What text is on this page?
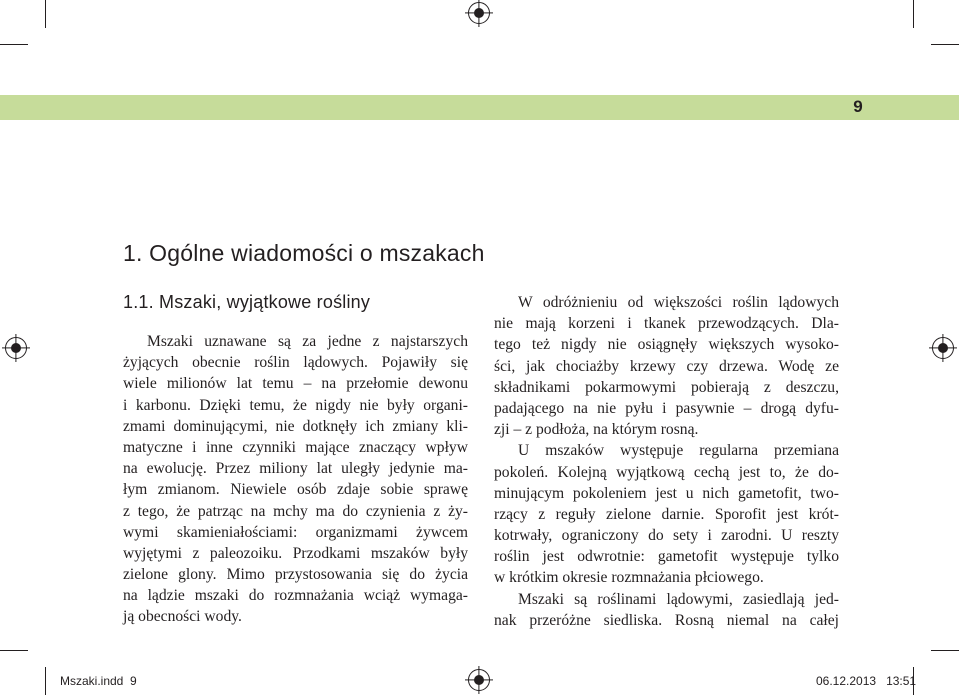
9
1. Ogólne wiadomości o mszakach
1.1. Mszaki, wyjątkowe rośliny
Mszaki uznawane są za jedne z najstarszych
żyjących obecnie roślin lądowych. Pojawiły się
wiele milionów lat temu – na przełomie dewonu
i karbonu. Dzięki temu, że nigdy nie były organi-
zmami dominującymi, nie dotknęły ich zmiany kli-
matyczne i inne czynniki mające znaczący wpływ
na ewolucję. Przez miliony lat uległy jedynie ma-
łym zmianom. Niewiele osób zdaje sobie sprawę
z tego, że patrząc na mchy ma do czynienia z ży-
wymi skamieniałościami: organizmami żywcem
wyjętymi z paleozoiku. Przodkami mszaków były
zielone glony. Mimo przystosowania się do życia
na lądzie mszaki do rozmnażania wciąż wymaga-
ją obecności wody.
W odróżnieniu od większości roślin lądowych
nie mają korzeni i tkanek przewodzących. Dla-
tego też nigdy nie osiągnęły większych wysoko-
ści, jak chociażby krzewy czy drzewa. Wodę ze
składnikami pokarmowymi pobierają z deszczu,
padającego na nie pyłu i pasywnie – drogą dyfu-
zji – z podłoża, na którym rosną.
U mszaków występuje regularna przemiana
pokoleń. Kolejną wyjątkową cechą jest to, że do-
minującym pokoleniem jest u nich gametofit, two-
rzący z reguły zielone darnie. Sporofit jest krót-
kotrwały, ograniczony do sety i zarodni. U reszty
roślin jest odwrotnie: gametofit występuje tylko
w krótkim okresie rozmnażania płciowego.
Mszaki są roślinami lądowymi, zasiedlają jed-
nak przeróżne siedliska. Rosną niemal na całej
Mszaki.indd 9	06.12.2013 13:51
